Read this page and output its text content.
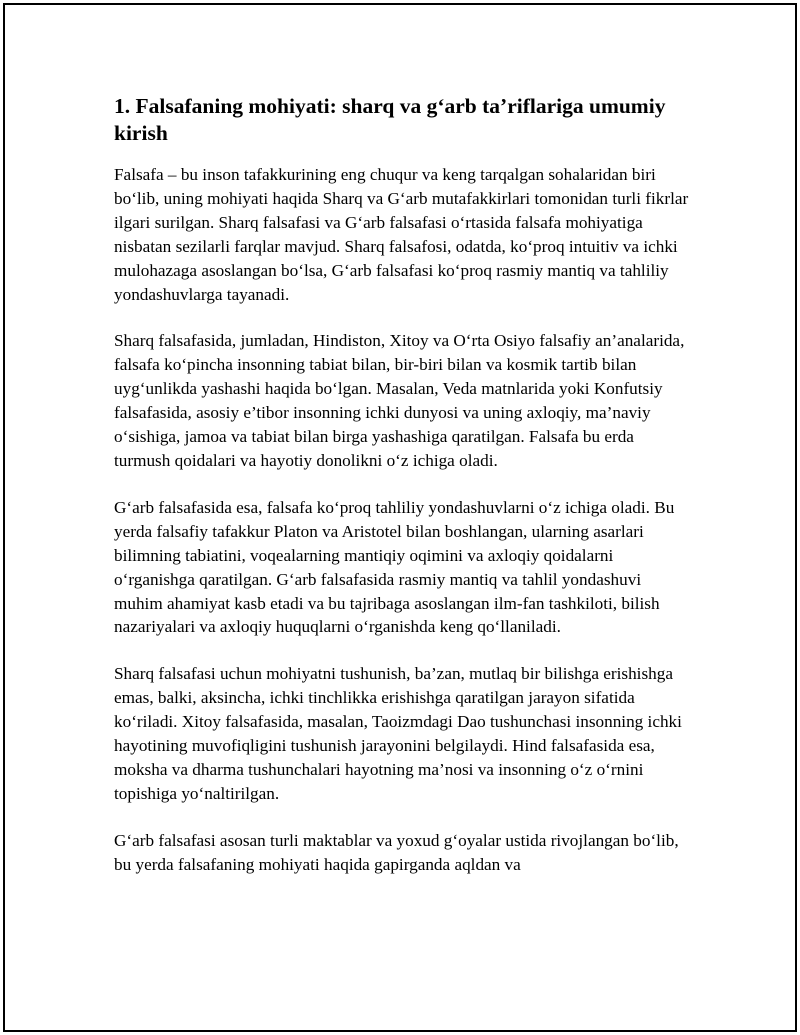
1. Falsafaning mohiyati: sharq va g‘arb ta’riflariga umumiy kirish

Falsafa – bu inson tafakkurining eng chuqur va keng tarqalgan sohalaridan biri bo‘lib, uning mohiyati haqida Sharq va G‘arb mutafakkirlari tomonidan turli fikrlar ilgari surilgan. Sharq falsafasi va G‘arb falsafasi o‘rtasida falsafa mohiyatiga nisbatan sezilarli farqlar mavjud. Sharq falsafosi, odatda, ko‘proq intuitiv va ichki mulohazaga asoslangan bo‘lsa, G‘arb falsafasi ko‘proq rasmiy mantiq va tahliliy yondashuvlarga tayanadi.

Sharq falsafasida, jumladan, Hindiston, Xitoy va O‘rta Osiyo falsafiy an’analarida, falsafa ko‘pincha insonning tabiat bilan, bir-biri bilan va kosmik tartib bilan uyg‘unlikda yashashi haqida bo‘lgan. Masalan, Veda matnlarida yoki Konfutsiy falsafasida, asosiy e’tibor insonning ichki dunyosi va uning axloqiy, ma’naviy o‘sishiga, jamoa va tabiat bilan birga yashashiga qaratilgan. Falsafa bu erda turmush qoidalari va hayotiy donolikni o‘z ichiga oladi.

G‘arb falsafasida esa, falsafa ko‘proq tahliliy yondashuvlarni o‘z ichiga oladi. Bu yerda falsafiy tafakkur Platon va Aristotel bilan boshlangan, ularning asarlari bilimning tabiatini, voqealarning mantiqiy oqimini va axloqiy qoidalarni o‘rganishga qaratilgan. G‘arb falsafasida rasmiy mantiq va tahlil yondashuvi muhim ahamiyat kasb etadi va bu tajribaga asoslangan ilm-fan tashkiloti, bilish nazariyalari va axloqiy huquqlarni o‘rganishda keng qo‘llaniladi.

Sharq falsafasi uchun mohiyatni tushunish, ba’zan, mutlaq bir bilishga erishishga emas, balki, aksincha, ichki tinchlikka erishishga qaratilgan jarayon sifatida ko‘riladi. Xitoy falsafasida, masalan, Taoizmdagi Dao tushunchasi insonning ichki hayotining muvofiqligini tushunish jarayonini belgilaydi. Hind falsafasida esa, moksha va dharma tushunchalari hayotning ma’nosi va insonning o‘z o‘rnini topishiga yo‘naltirilgan.

G‘arb falsafasi asosan turli maktablar va yoxud g‘oyalar ustida rivojlangan bo‘lib, bu yerda falsafaning mohiyati haqida gapirganda aqldan va
